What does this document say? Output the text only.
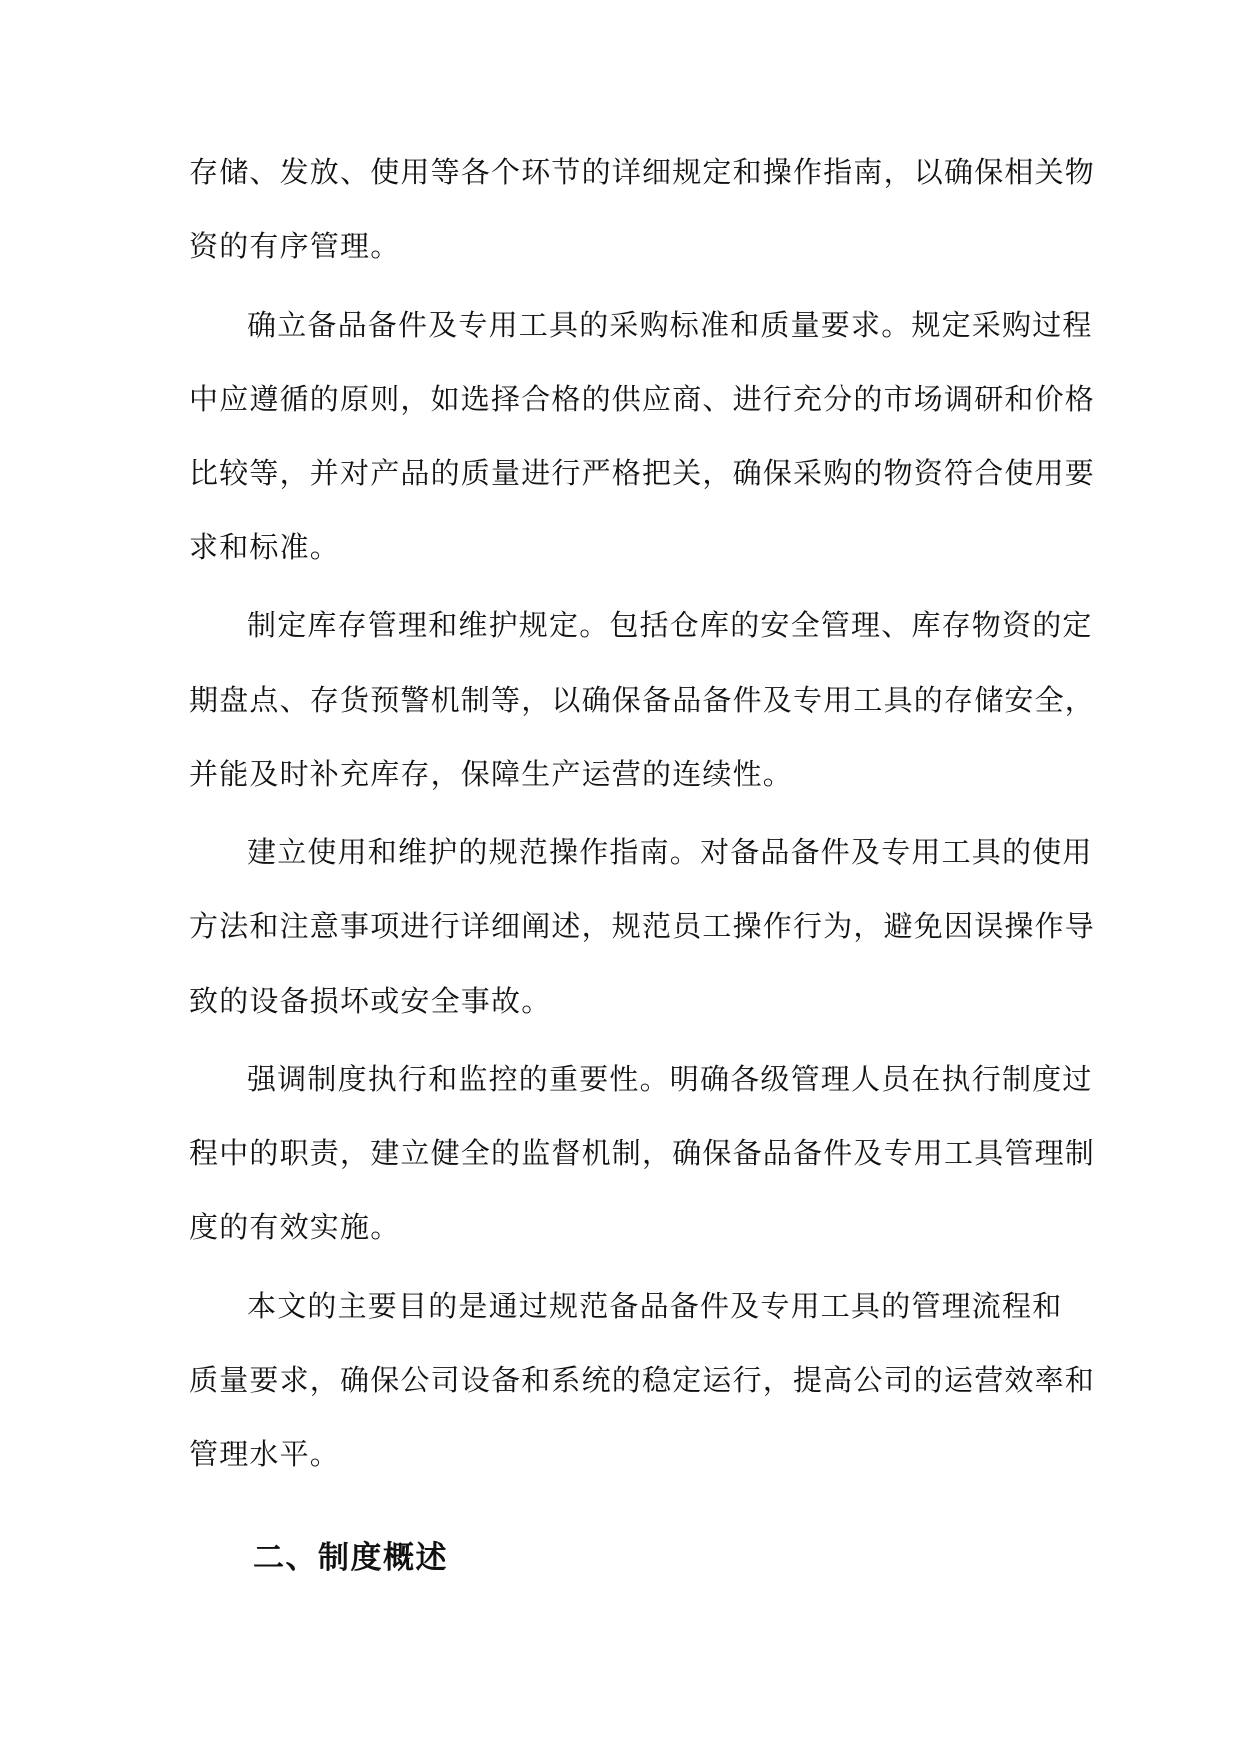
存储、发放、使用等各个环节的详细规定和操作指南，以确保相关物
资的有序管理。
确立备品备件及专用工具的采购标准和质量要求。规定采购过程
中应遵循的原则，如选择合格的供应商、进行充分的市场调研和价格
比较等，并对产品的质量进行严格把关，确保采购的物资符合使用要
求和标准。
制定库存管理和维护规定。包括仓库的安全管理、库存物资的定
期盘点、存货预警机制等，以确保备品备件及专用工具的存储安全，
并能及时补充库存，保障生产运营的连续性。
建立使用和维护的规范操作指南。对备品备件及专用工具的使用
方法和注意事项进行详细阐述，规范员工操作行为，避免因误操作导
致的设备损坏或安全事故。
强调制度执行和监控的重要性。明确各级管理人员在执行制度过
程中的职责，建立健全的监督机制，确保备品备件及专用工具管理制
度的有效实施。
本文的主要目的是通过规范备品备件及专用工具的管理流程和
质量要求，确保公司设备和系统的稳定运行，提高公司的运营效率和
管理水平。
二、制度概述
